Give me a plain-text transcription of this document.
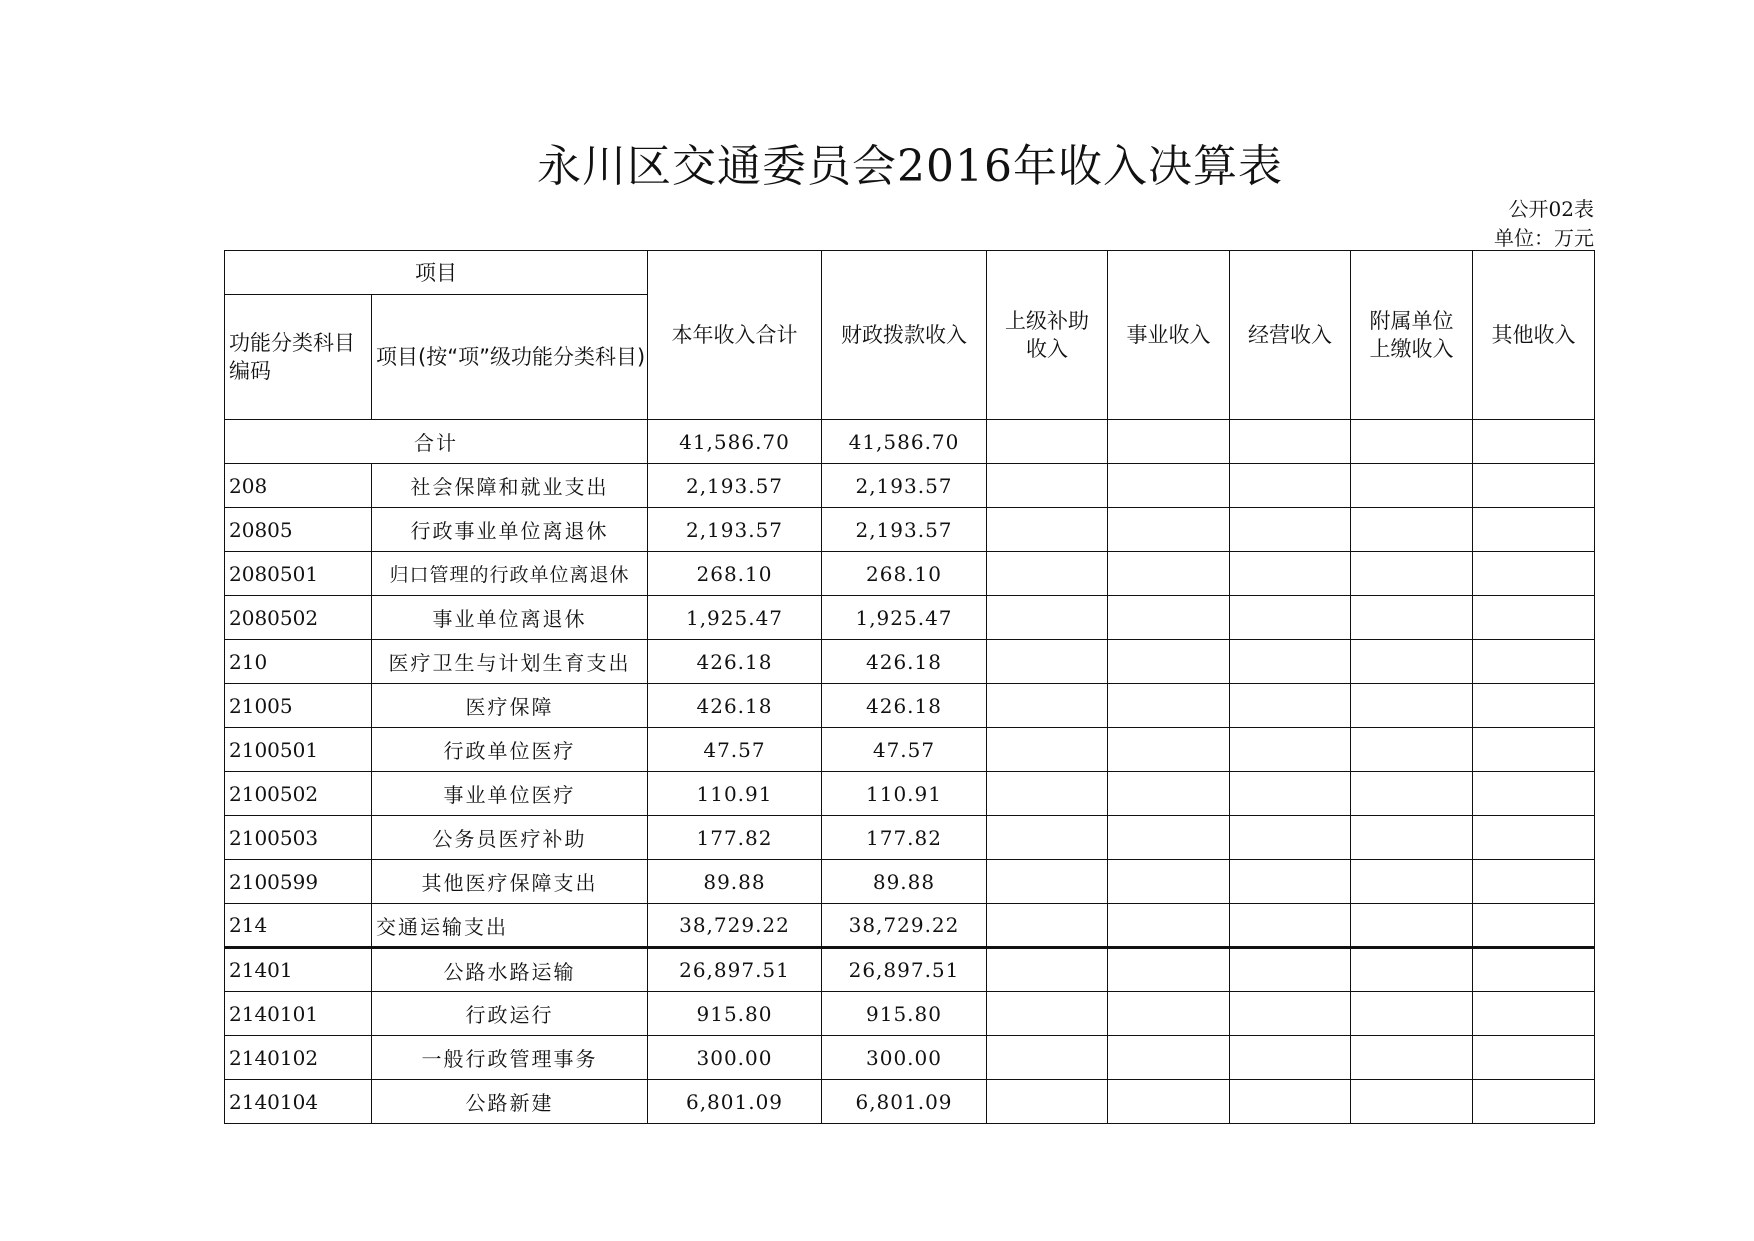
永川区交通委员会2016年收入决算表
公开02表
单位：万元
项目		本年收入合计	财政拨款收入	上级补助收入	事业收入	经营收入	附属单位上缴收入	其他收入
功能分类科目编码	项目(按“项”级功能分类科目)							
合计		41,586.70	41,586.70					
208	社会保障和就业支出	2,193.57	2,193.57					
20805	行政事业单位离退休	2,193.57	2,193.57					
2080501	归口管理的行政单位离退休	268.10	268.10					
2080502	事业单位离退休	1,925.47	1,925.47					
210	医疗卫生与计划生育支出	426.18	426.18					
21005	医疗保障	426.18	426.18					
2100501	行政单位医疗	47.57	47.57					
2100502	事业单位医疗	110.91	110.91					
2100503	公务员医疗补助	177.82	177.82					
2100599	其他医疗保障支出	89.88	89.88					
214	交通运输支出	38,729.22	38,729.22					
21401	公路水路运输	26,897.51	26,897.51					
2140101	行政运行	915.80	915.80					
2140102	一般行政管理事务	300.00	300.00					
2140104	公路新建	6,801.09	6,801.09					
